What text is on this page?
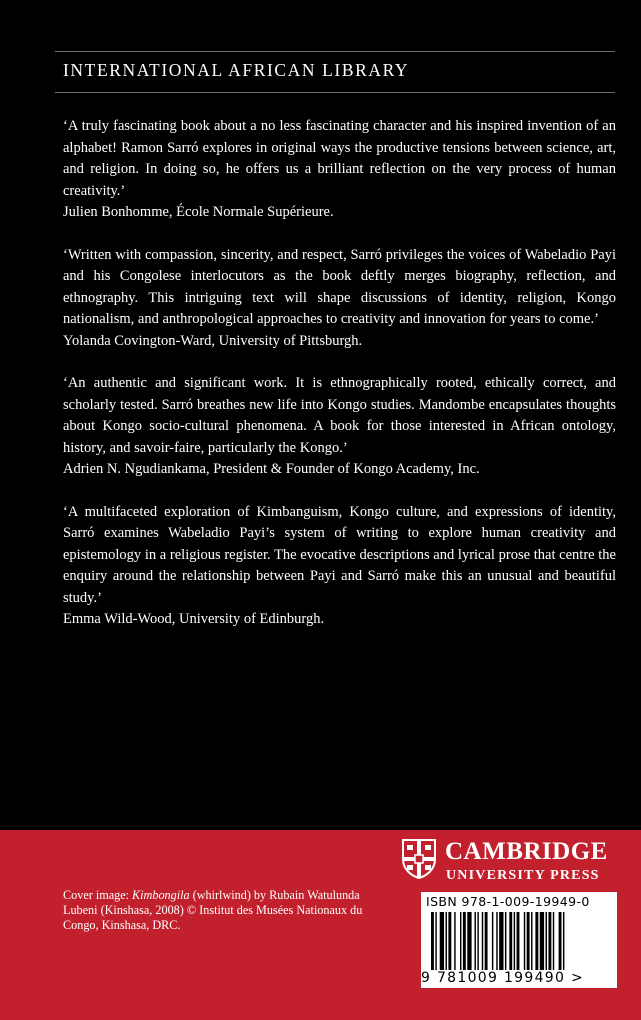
INTERNATIONAL AFRICAN LIBRARY

‘A truly fascinating book about a no less fascinating character and his inspired invention of an alphabet! Ramon Sarró explores in original ways the productive tensions between science, art, and religion. In doing so, he offers us a brilliant reflection on the very process of human creativity.’

Julien Bonhomme, École Normale Supérieure.

‘Written with compassion, sincerity, and respect, Sarró privileges the voices of Wabeladio Payi and his Congolese interlocutors as the book deftly merges biography, reflection, and ethnography. This intriguing text will shape discussions of identity, religion, Kongo nationalism, and anthropological approaches to creativity and innovation for years to come.’

Yolanda Covington-Ward, University of Pittsburgh.

‘An authentic and significant work. It is ethnographically rooted, ethically correct, and scholarly tested. Sarró breathes new life into Kongo studies. Mandombe encapsulates thoughts about Kongo socio-cultural phenomena. A book for those interested in African ontology, history, and savoir-faire, particularly the Kongo.’

Adrien N. Ngudiankama, President & Founder of Kongo Academy, Inc.

‘A multifaceted exploration of Kimbanguism, Kongo culture, and expressions of identity, Sarró examines Wabeladio Payi’s system of writing to explore human creativity and epistemology in a religious register. The evocative descriptions and lyrical prose that centre the enquiry around the relationship between Payi and Sarró make this an unusual and beautiful study.’

Emma Wild-Wood, University of Edinburgh.

CAMBRIDGE
UNIVERSITY PRESS
Cover image: Kimbongila (whirlwind) by Rubain Watulunda Lubeni (Kinshasa, 2008) © Institut des Musées Nationaux du Congo, Kinshasa, DRC.
ISBN 978-1-009-19949-0
9 781009 199490 >
